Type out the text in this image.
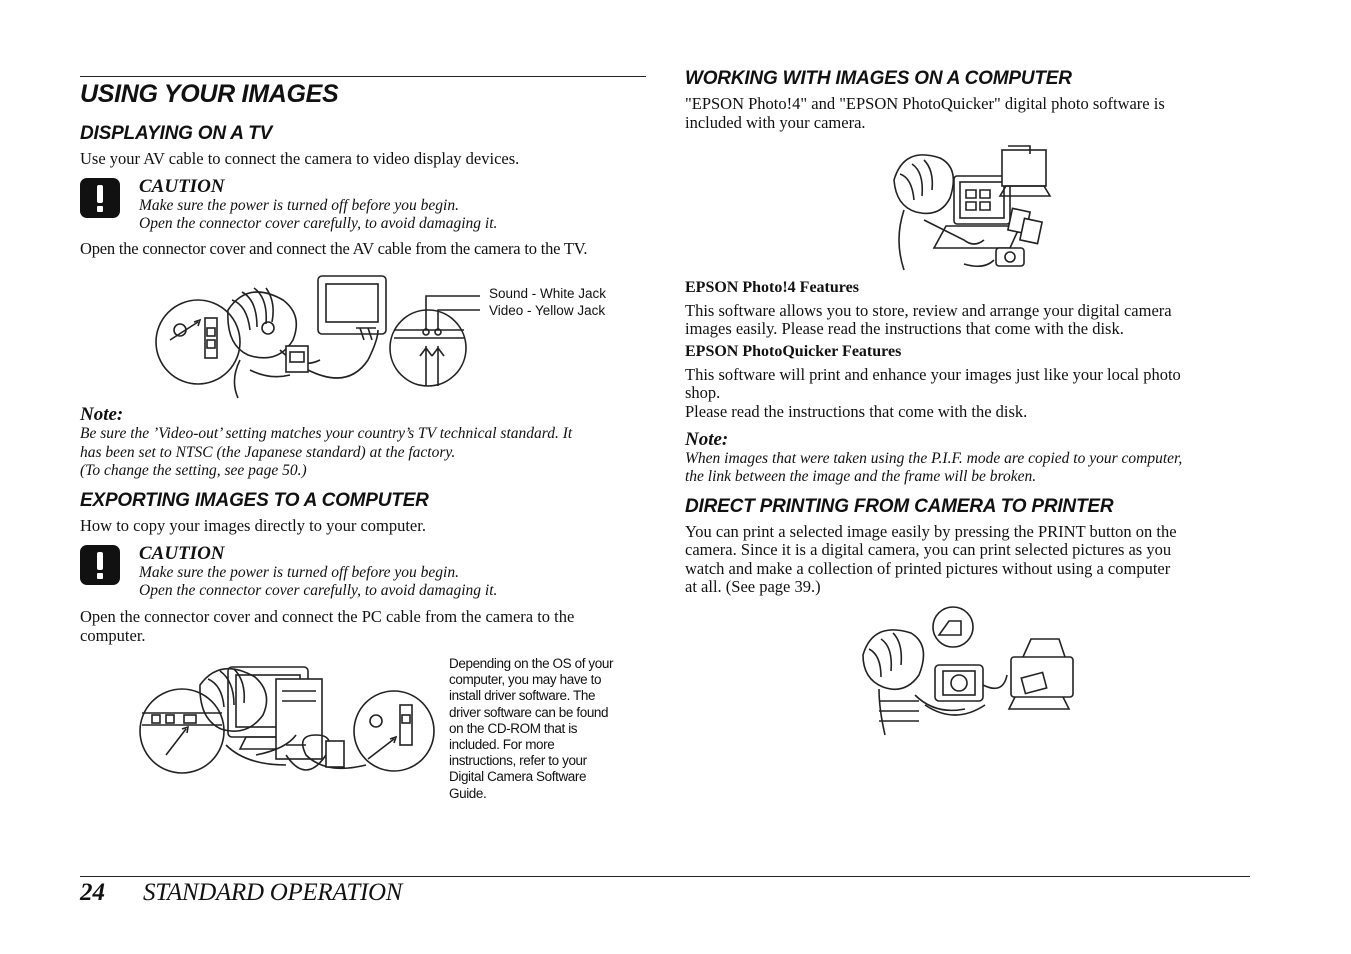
USING YOUR IMAGES
DISPLAYING ON A TV
Use your AV cable to connect the camera to video display devices.
CAUTION
Make sure the power is turned off before you begin.
Open the connector cover carefully, to avoid damaging it.
Open the connector cover and connect the AV cable from the camera to the TV.
Sound - White Jack
Video - Yellow Jack
Note:
Be sure the ’Video-out’ setting matches your country’s TV technical standard. It
has been set to NTSC (the Japanese standard) at the factory.
(To change the setting, see page 50.)
EXPORTING IMAGES TO A COMPUTER
How to copy your images directly to your computer.
CAUTION
Make sure the power is turned off before you begin.
Open the connector cover carefully, to avoid damaging it.
Open the connector cover and connect the PC cable from the camera to the
computer.
Depending on the OS of your
computer, you may have to
install driver software. The
driver software can be found
on the CD-ROM that is
included. For more
instructions, refer to your
Digital Camera Software
Guide.
WORKING WITH IMAGES ON A COMPUTER
"EPSON Photo!4" and "EPSON PhotoQuicker" digital photo software is
included with your camera.
EPSON Photo!4 Features
This software allows you to store, review and arrange your digital camera
images easily. Please read the instructions that come with the disk.
EPSON PhotoQuicker Features
This software will print and enhance your images just like your local photo
shop.
Please read the instructions that come with the disk.
Note:
When images that were taken using the P.I.F. mode are copied to your computer,
the link between the image and the frame will be broken.
DIRECT PRINTING FROM CAMERA TO PRINTER
You can print a selected image easily by pressing the PRINT button on the
camera. Since it is a digital camera, you can print selected pictures as you
watch and make a collection of printed pictures without using a computer
at all. (See page 39.)
24 STANDARD OPERATION
